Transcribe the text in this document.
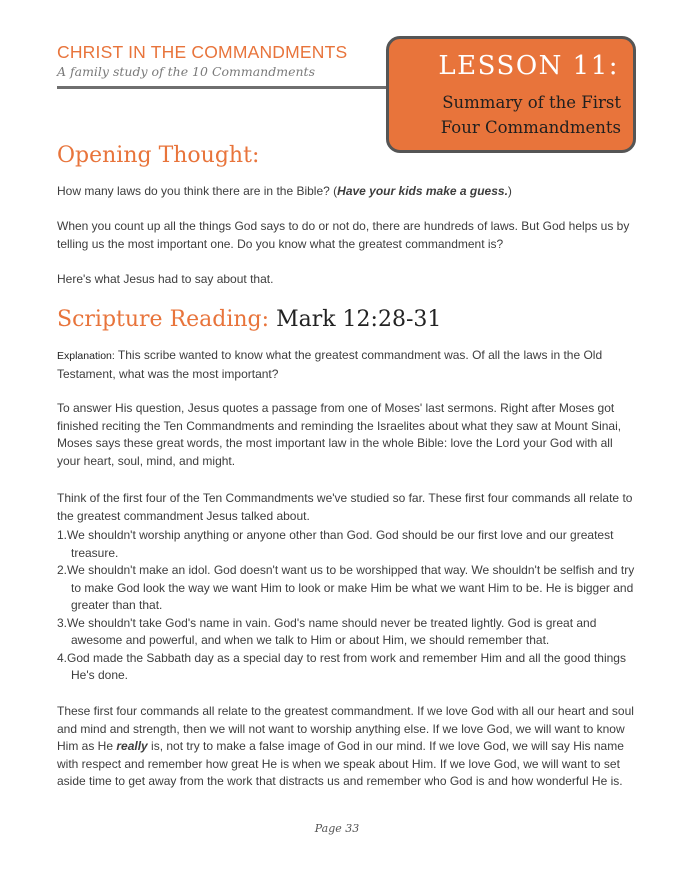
CHRIST IN THE COMMANDMENTS
A family study of the 10 Commandments	LESSON 11:
Summary of the First
Four Commandments
Opening Thought:

How many laws do you think there are in the Bible? (Have your kids make a guess.)

When you count up all the things God says to do or not do, there are hundreds of laws. But God helps us by telling us the most important one. Do you know what the greatest commandment is?

Here's what Jesus had to say about that.

Scripture Reading: Mark 12:28-31

Explanation: This scribe wanted to know what the greatest commandment was. Of all the laws in the Old Testament, what was the most important?

To answer His question, Jesus quotes a passage from one of Moses' last sermons. Right after Moses got finished reciting the Ten Commandments and reminding the Israelites about what they saw at Mount Sinai, Moses says these great words, the most important law in the whole Bible: love the Lord your God with all your heart, soul, mind, and might.

Think of the first four of the Ten Commandments we've studied so far. These first four commands all relate to the greatest commandment Jesus talked about.

1.We shouldn't worship anything or anyone other than God. God should be our first love and our greatest treasure.
2.We shouldn't make an idol. God doesn't want us to be worshipped that way. We shouldn't be selfish and try to make God look the way we want Him to look or make Him be what we want Him to be. He is bigger and greater than that.
3.We shouldn't take God's name in vain. God's name should never be treated lightly. God is great and awesome and powerful, and when we talk to Him or about Him, we should remember that.
4.God made the Sabbath day as a special day to rest from work and remember Him and all the good things He's done.

These first four commands all relate to the greatest commandment. If we love God with all our heart and soul and mind and strength, then we will not want to worship anything else. If we love God, we will want to know Him as He really is, not try to make a false image of God in our mind. If we love God, we will say His name with respect and remember how great He is when we speak about Him. If we love God, we will want to set aside time to get away from the work that distracts us and remember who God is and how wonderful He is.

Page 33
